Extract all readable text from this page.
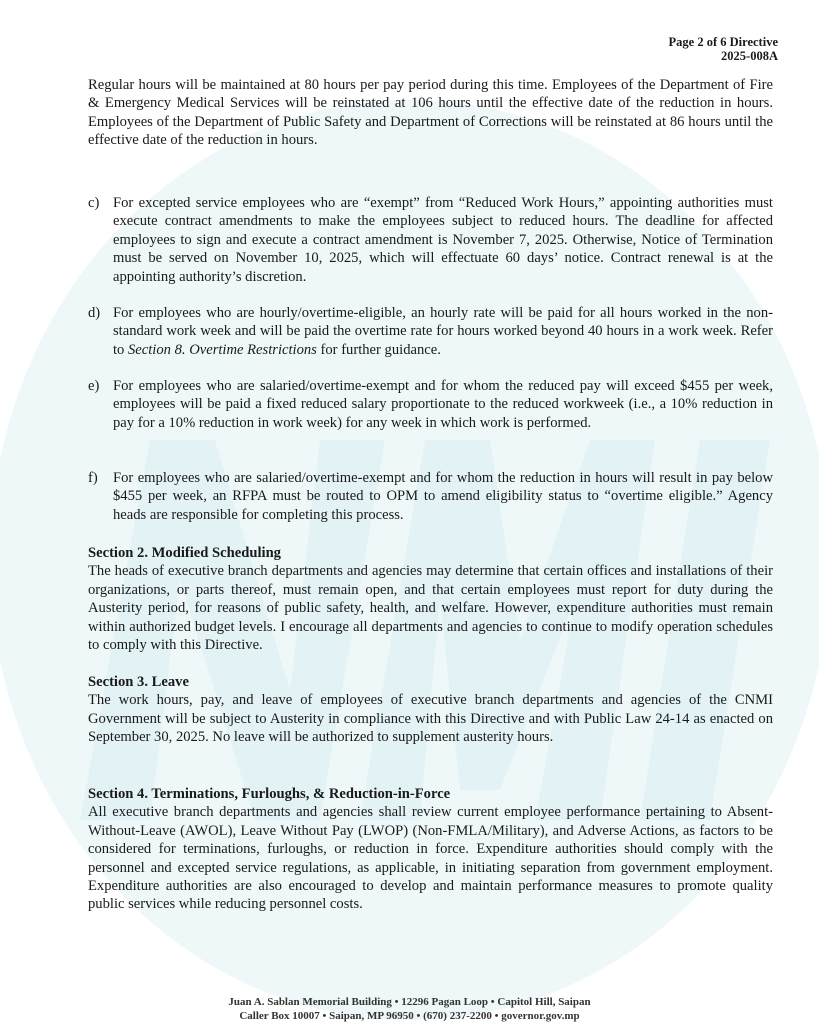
Page 2 of 6 Directive
2025-008A

Regular hours will be maintained at 80 hours per pay period during this time. Employees of the Department of Fire & Emergency Medical Services will be reinstated at 106 hours until the effective date of the reduction in hours. Employees of the Department of Public Safety and Department of Corrections will be reinstated at 86 hours until the effective date of the reduction in hours.

c) For excepted service employees who are “exempt” from “Reduced Work Hours,” appointing authorities must execute contract amendments to make the employees subject to reduced hours. The deadline for affected employees to sign and execute a contract amendment is November 7, 2025. Otherwise, Notice of Termination must be served on November 10, 2025, which will effectuate 60 days’ notice. Contract renewal is at the appointing authority’s discretion.
d) For employees who are hourly/overtime-eligible, an hourly rate will be paid for all hours worked in the non-standard work week and will be paid the overtime rate for hours worked beyond 40 hours in a work week. Refer to Section 8. Overtime Restrictions for further guidance.
e) For employees who are salaried/overtime-exempt and for whom the reduced pay will exceed $455 per week, employees will be paid a fixed reduced salary proportionate to the reduced workweek (i.e., a 10% reduction in pay for a 10% reduction in work week) for any week in which work is performed.
f)	For employees who are salaried/overtime-exempt and for whom the reduction in hours will result in pay below $455 per week, an RFPA must be routed to OPM to amend eligibility status to “overtime eligible.” Agency heads are responsible for completing this process.
Section 2. Modified Scheduling

The heads of executive branch departments and agencies may determine that certain offices and installations of their organizations, or parts thereof, must remain open, and that certain employees must report for duty during the Austerity period, for reasons of public safety, health, and welfare. However, expenditure authorities must remain within authorized budget levels. I encourage all departments and agencies to continue to modify operation schedules to comply with this Directive.

Section 3. Leave

The work hours, pay, and leave of employees of executive branch departments and agencies of the CNMI Government will be subject to Austerity in compliance with this Directive and with Public Law 24-14 as enacted on September 30, 2025. No leave will be authorized to supplement austerity hours.

Section 4. Terminations, Furloughs, & Reduction-in-Force

All executive branch departments and agencies shall review current employee performance pertaining to Absent-Without-Leave (AWOL), Leave Without Pay (LWOP) (Non-FMLA/Military), and Adverse Actions, as factors to be considered for terminations, furloughs, or reduction in force. Expenditure authorities should comply with the personnel and excepted service regulations, as applicable, in initiating separation from government employment. Expenditure authorities are also encouraged to develop and maintain performance measures to promote quality public services while reducing personnel costs.

Juan A. Sablan Memorial Building • 12296 Pagan Loop • Capitol Hill, Saipan
Caller Box 10007 • Saipan, MP 96950 • (670) 237-2200 • governor.gov.mp
